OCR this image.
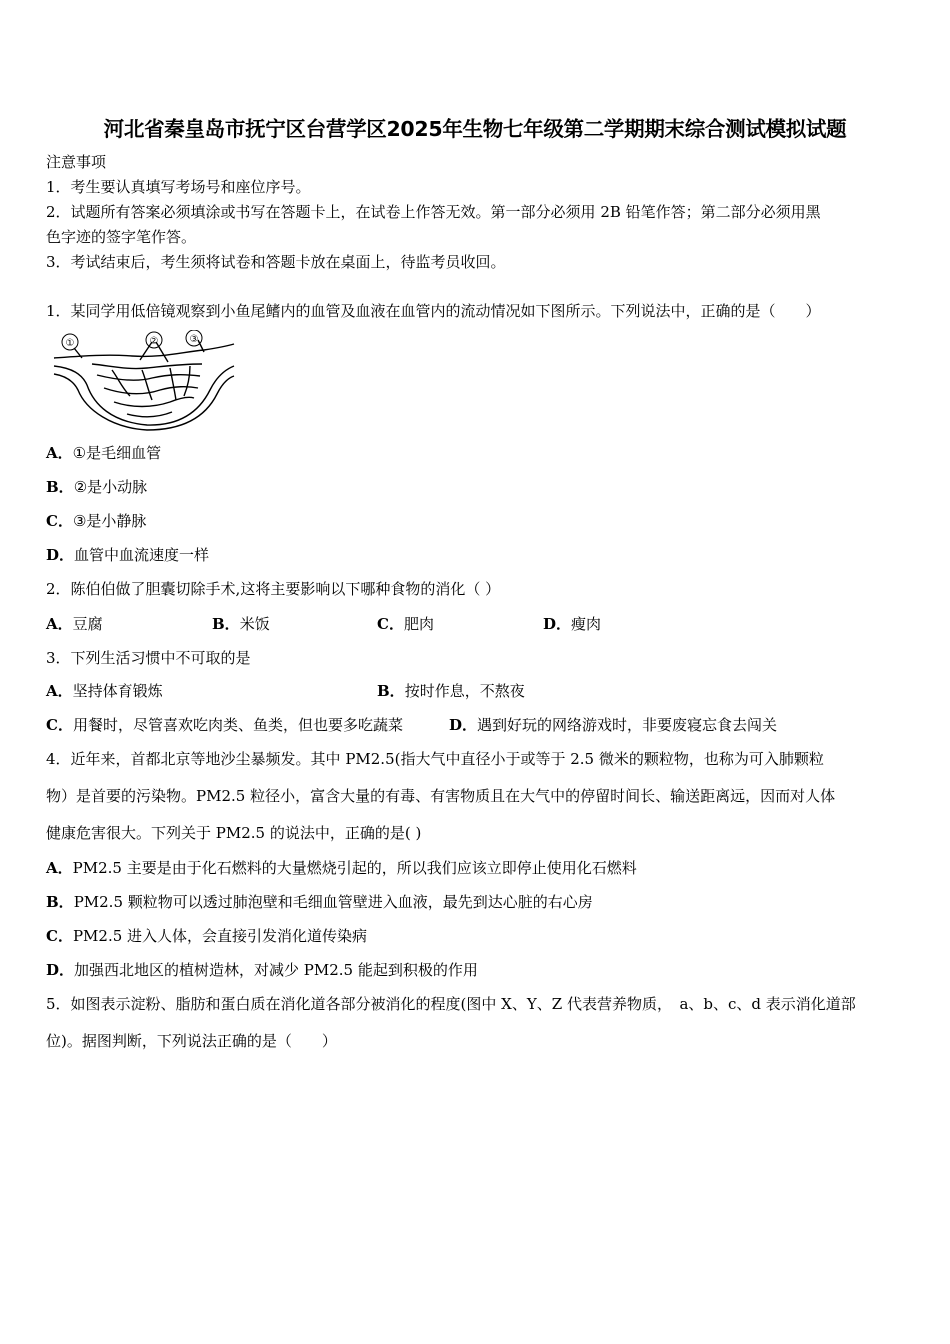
河北省秦皇岛市抚宁区台营学区2025年生物七年级第二学期期末综合测试模拟试题
注意事项
1．考生要认真填写考场号和座位序号。
2．试题所有答案必须填涂或书写在答题卡上，在试卷上作答无效。第一部分必须用 2B 铅笔作答；第二部分必须用黑
色字迹的签字笔作答。
3．考试结束后，考生须将试卷和答题卡放在桌面上，待监考员收回。
1．某同学用低倍镜观察到小鱼尾鳍内的血管及血液在血管内的流动情况如下图所示。下列说法中，正确的是（　　）
①	②	③
A．①是毛细血管
B．②是小动脉
C．③是小静脉
D．血管中血流速度一样
2．陈伯伯做了胆囊切除手术,这将主要影响以下哪种食物的消化（ ）
A．豆腐	B．米饭	C．肥肉	D．瘦肉
3．下列生活习惯中不可取的是
A．坚持体育锻炼	B．按时作息，不熬夜
C．用餐时，尽管喜欢吃肉类、鱼类，但也要多吃蔬菜	D．遇到好玩的网络游戏时，非要废寝忘食去闯关
4．近年来，首都北京等地沙尘暴频发。其中 PM2.5(指大气中直径小于或等于 2.5 微米的颗粒物，也称为可入肺颗粒
物）是首要的污染物。PM2.5 粒径小，富含大量的有毒、有害物质且在大气中的停留时间长、输送距离远，因而对人体
健康危害很大。下列关于 PM2.5 的说法中，正确的是( )
A．PM2.5 主要是由于化石燃料的大量燃烧引起的，所以我们应该立即停止使用化石燃料
B．PM2.5 颗粒物可以透过肺泡壁和毛细血管壁进入血液，最先到达心脏的右心房
C．PM2.5 进入人体，会直接引发消化道传染病
D．加强西北地区的植树造林，对减少 PM2.5 能起到积极的作用
5．如图表示淀粉、脂肪和蛋白质在消化道各部分被消化的程度(图中 X、Y、Z 代表营养物质，　a、b、c、d 表示消化道部
位)。据图判断，下列说法正确的是（　　）
